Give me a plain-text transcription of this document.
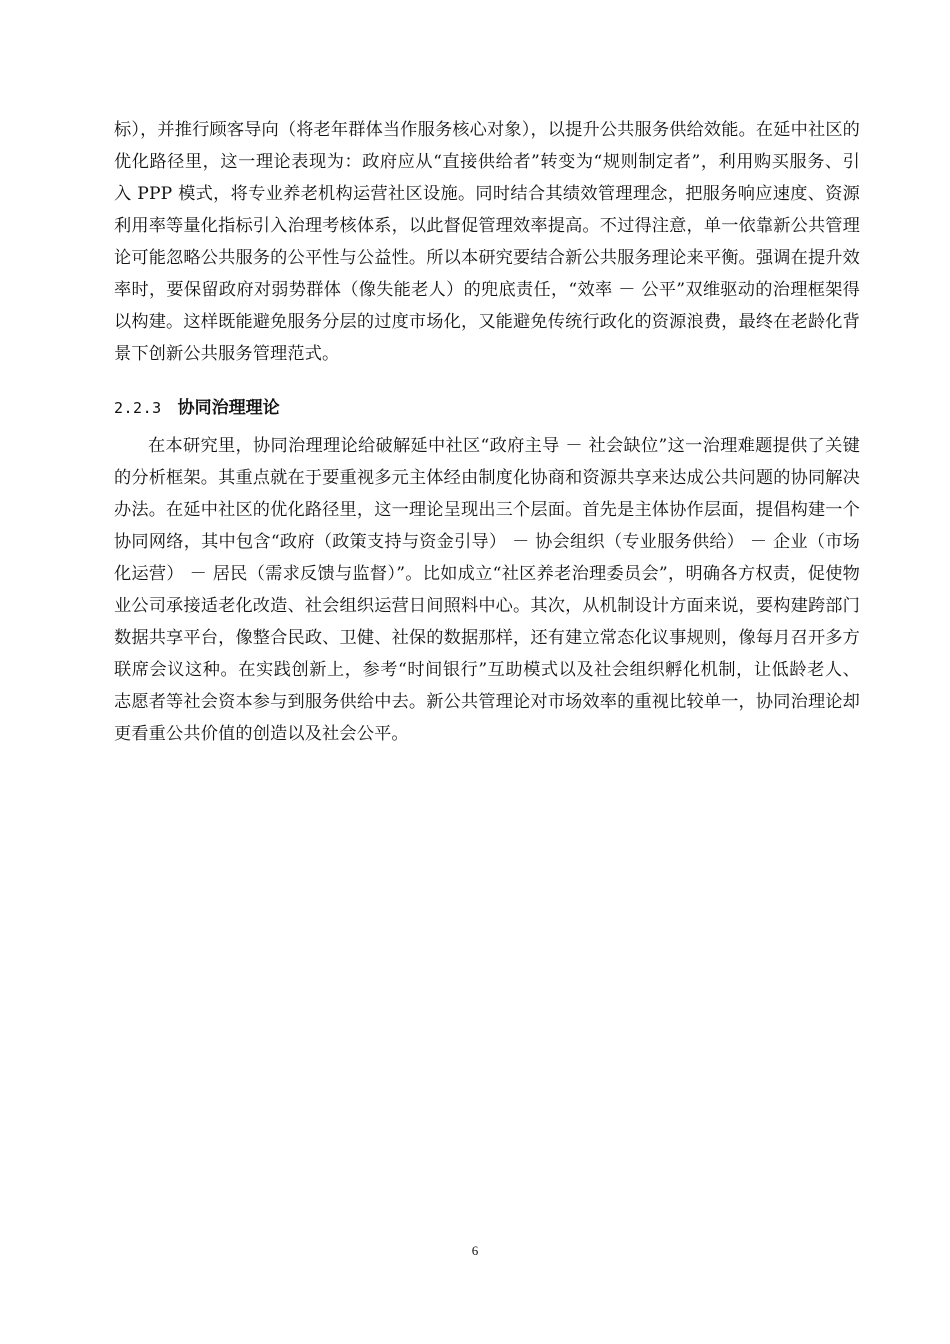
标），并推行顾客导向（将老年群体当作服务核心对象），以提升公共服务供给效能。在延中社区的优化路径里，这一理论表现为：政府应从“直接供给者”转变为“规则制定者”，利用购买服务、引入 PPP 模式，将专业养老机构运营社区设施。同时结合其绩效管理理念，把服务响应速度、资源利用率等量化指标引入治理考核体系，以此督促管理效率提高。不过得注意，单一依靠新公共管理论可能忽略公共服务的公平性与公益性。所以本研究要结合新公共服务理论来平衡。强调在提升效率时，要保留政府对弱势群体（像失能老人）的兜底责任，“效率 － 公平”双维驱动的治理框架得以构建。这样既能避免服务分层的过度市场化，又能避免传统行政化的资源浪费，最终在老龄化背景下创新公共服务管理范式。

2.2.3 协同治理理论

在本研究里，协同治理理论给破解延中社区“政府主导 － 社会缺位”这一治理难题提供了关键的分析框架。其重点就在于要重视多元主体经由制度化协商和资源共享来达成公共问题的协同解决办法。在延中社区的优化路径里，这一理论呈现出三个层面。首先是主体协作层面，提倡构建一个协同网络，其中包含“政府（政策支持与资金引导） － 协会组织（专业服务供给） － 企业（市场化运营） － 居民（需求反馈与监督）”。比如成立“社区养老治理委员会”，明确各方权责，促使物业公司承接适老化改造、社会组织运营日间照料中心。其次，从机制设计方面来说，要构建跨部门数据共享平台，像整合民政、卫健、社保的数据那样，还有建立常态化议事规则，像每月召开多方联席会议这种。在实践创新上，参考“时间银行”互助模式以及社会组织孵化机制，让低龄老人、志愿者等社会资本参与到服务供给中去。新公共管理论对市场效率的重视比较单一，协同治理论却更看重公共价值的创造以及社会公平。

6
